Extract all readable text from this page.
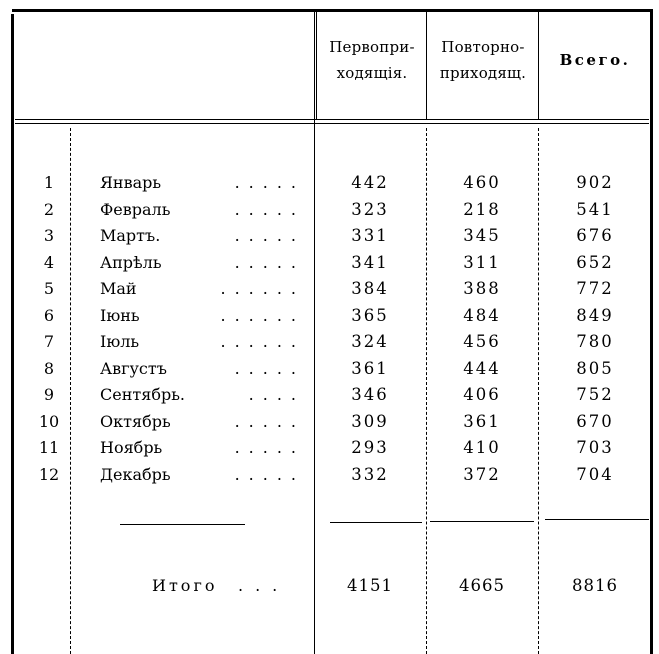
Первопри-
ходящія.
Повторно-
приходящ.
Всего.
1	Январь	.....	442	460	902
2	Февраль	.....	323	218	541
3	Мартъ.	.....	331	345	676
4	Апрѣль	.....	341	311	652
5	Май	......	384	388	772
6	Іюнь	......	365	484	849
7	Іюль	......	324	456	780
8	Августъ	.....	361	444	805
9	Сентябрь.	....	346	406	752
10	Октябрь	.....	309	361	670
11	Ноябрь	.....	293	410	703
12	Декабрь	.....	332	372	704
Итого ...	4151	4665	8816
